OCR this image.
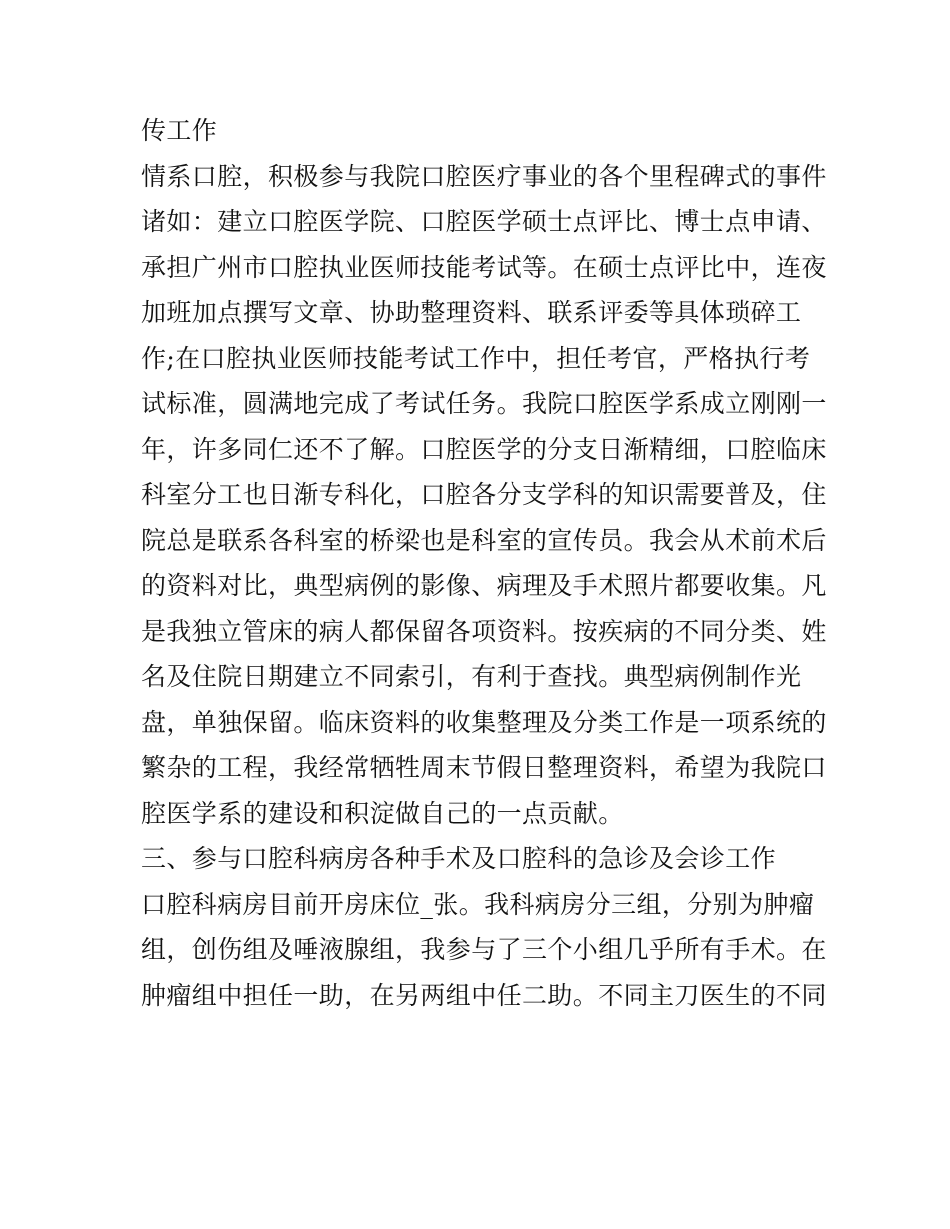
传工作
情系口腔，积极参与我院口腔医疗事业的各个里程碑式的事件
诸如：建立口腔医学院、口腔医学硕士点评比、博士点申请、
承担广州市口腔执业医师技能考试等。在硕士点评比中，连夜
加班加点撰写文章、协助整理资料、联系评委等具体琐碎工
作;在口腔执业医师技能考试工作中，担任考官，严格执行考
试标准，圆满地完成了考试任务。我院口腔医学系成立刚刚一
年，许多同仁还不了解。口腔医学的分支日渐精细，口腔临床
科室分工也日渐专科化，口腔各分支学科的知识需要普及，住
院总是联系各科室的桥梁也是科室的宣传员。我会从术前术后
的资料对比，典型病例的影像、病理及手术照片都要收集。凡
是我独立管床的病人都保留各项资料。按疾病的不同分类、姓
名及住院日期建立不同索引，有利于查找。典型病例制作光
盘，单独保留。临床资料的收集整理及分类工作是一项系统的
繁杂的工程，我经常牺牲周末节假日整理资料，希望为我院口
腔医学系的建设和积淀做自己的一点贡献。
三、参与口腔科病房各种手术及口腔科的急诊及会诊工作
口腔科病房目前开房床位_张。我科病房分三组，分别为肿瘤
组，创伤组及唾液腺组，我参与了三个小组几乎所有手术。在
肿瘤组中担任一助，在另两组中任二助。不同主刀医生的不同
